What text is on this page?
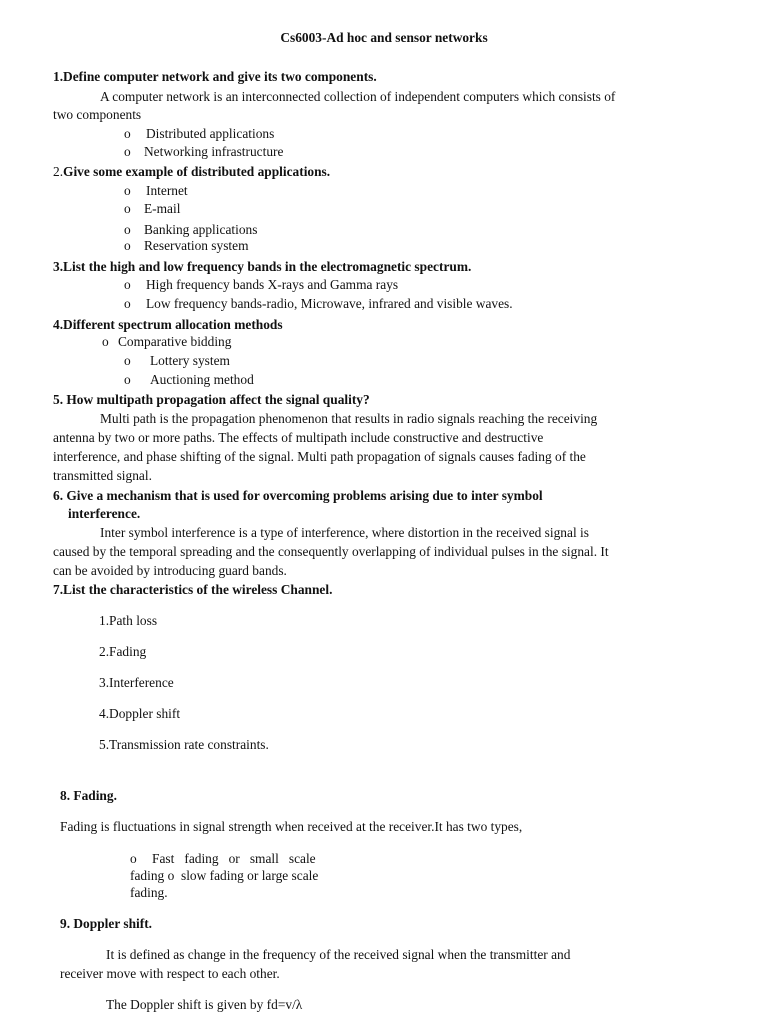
Cs6003-Ad hoc and sensor networks
1.Define computer network and give its two components.
A computer network is an interconnected collection of independent computers which consists of
two components
o Distributed applications
o Networking infrastructure
2.Give some example of distributed applications.
o Internet
o E-mail
o Banking applications
o Reservation system
3.List the high and low frequency bands in the electromagnetic spectrum.
o High frequency bands X-rays and Gamma rays
o Low frequency bands-radio, Microwave, infrared and visible waves.
4.Different spectrum allocation methods
o Comparative bidding
o Lottery system
o Auctioning method
5. How multipath propagation affect the signal quality?
Multi path is the propagation phenomenon that results in radio signals reaching the receiving
antenna by two or more paths. The effects of multipath include constructive and destructive
interference, and phase shifting of the signal. Multi path propagation of signals causes fading of the
transmitted signal.
6. Give a mechanism that is used for overcoming problems arising due to inter symbol
interference.
Inter symbol interference is a type of interference, where distortion in the received signal is
caused by the temporal spreading and the consequently overlapping of individual pulses in the signal. It
can be avoided by introducing guard bands.
7.List the characteristics of the wireless Channel.
1.Path loss
2.Fading
3.Interference
4.Doppler shift
5.Transmission rate constraints.
8. Fading.
Fading is fluctuations in signal strength when received at the receiver.It has two types,
o Fast   fading   or   small   scale
fading o slow fading or large scale
fading.
9. Doppler shift.
It is defined as change in the frequency of the received signal when the transmitter and
receiver move with respect to each other.
The Doppler shift is given by fd=v/λ
